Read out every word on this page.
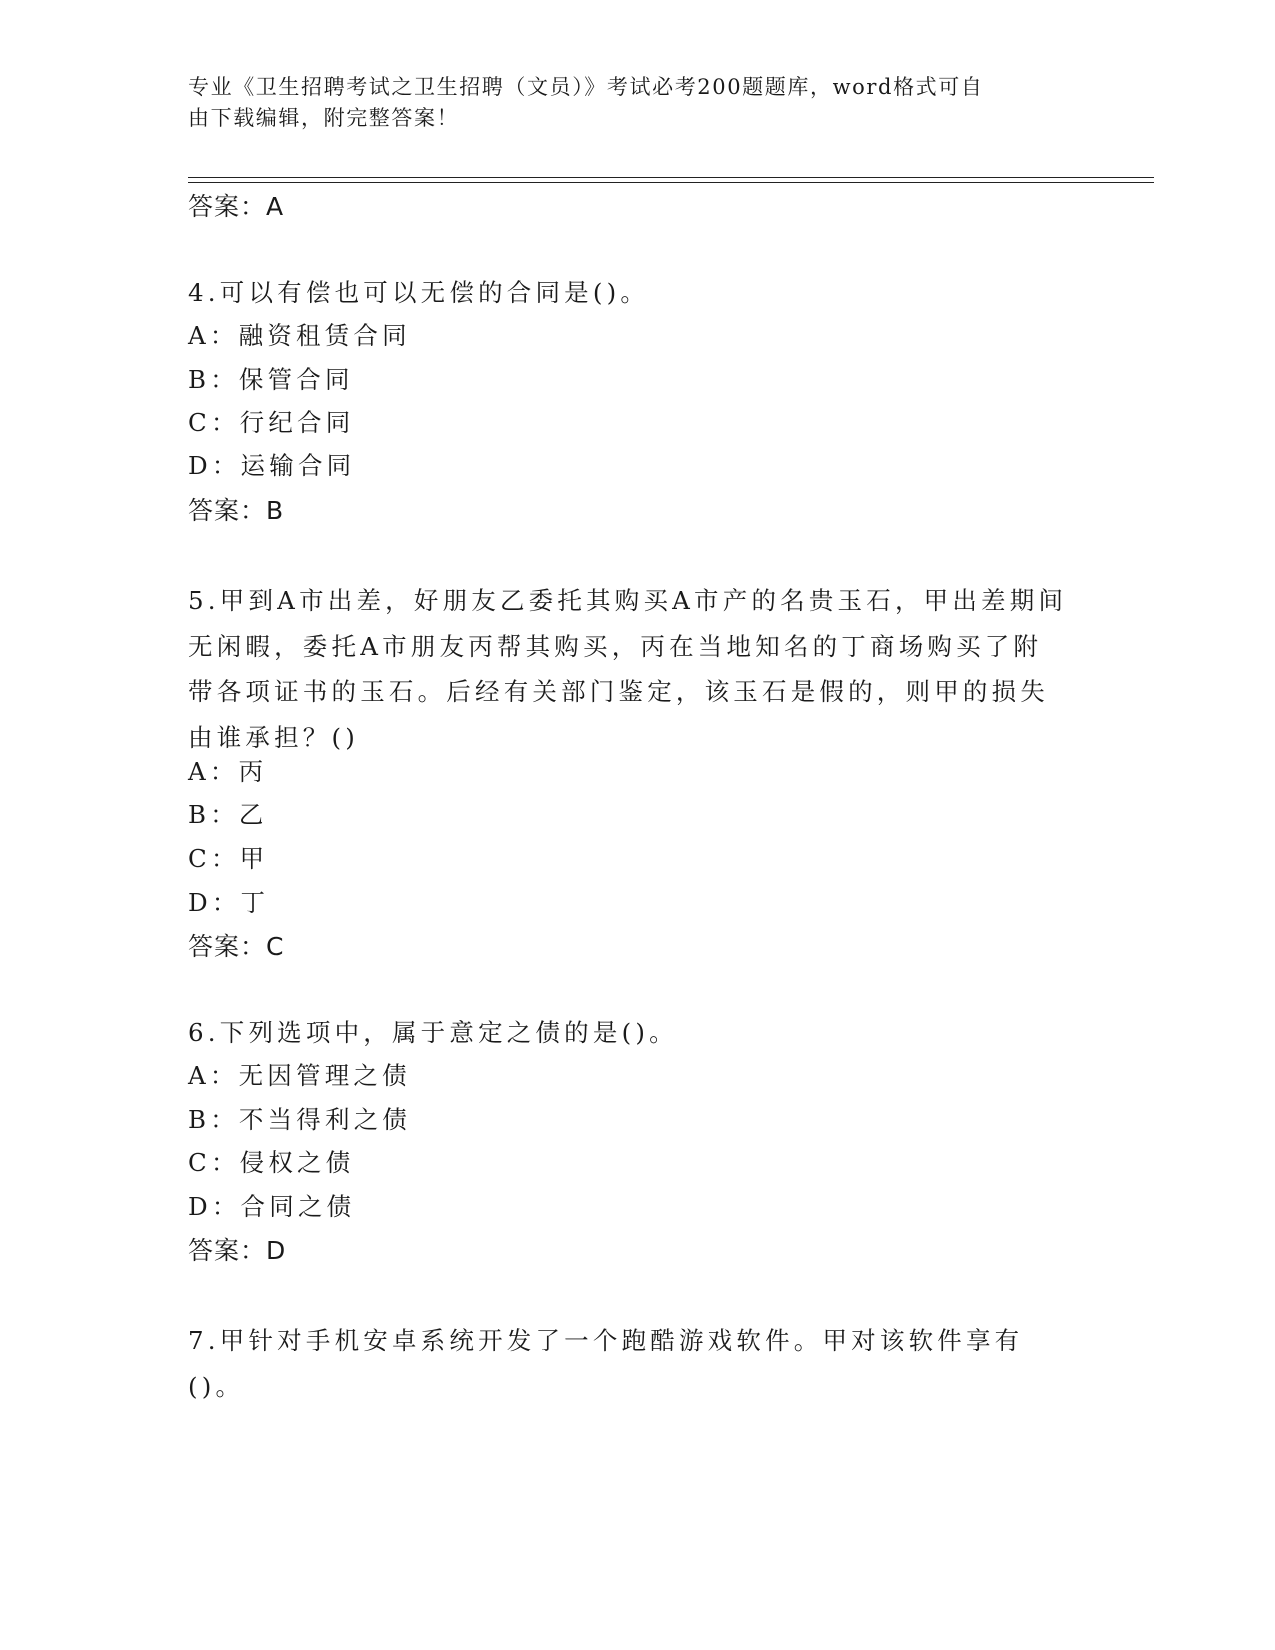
专业《卫生招聘考试之卫生招聘（文员）》考试必考200题题库，word格式可自
由下载编辑，附完整答案！
答案：A
4.可以有偿也可以无偿的合同是()。
A：融资租赁合同
B：保管合同
C：行纪合同
D：运输合同
答案：B
5.甲到A市出差，好朋友乙委托其购买A市产的名贵玉石，甲出差期间无闲暇，委托A市朋友丙帮其购买，丙在当地知名的丁商场购买了附带各项证书的玉石。后经有关部门鉴定，该玉石是假的，则甲的损失由谁承担？()
A：丙
B：乙
C：甲
D：丁
答案：C
6.下列选项中，属于意定之债的是()。
A：无因管理之债
B：不当得利之债
C：侵权之债
D：合同之债
答案：D
7.甲针对手机安卓系统开发了一个跑酷游戏软件。甲对该软件享有()。
